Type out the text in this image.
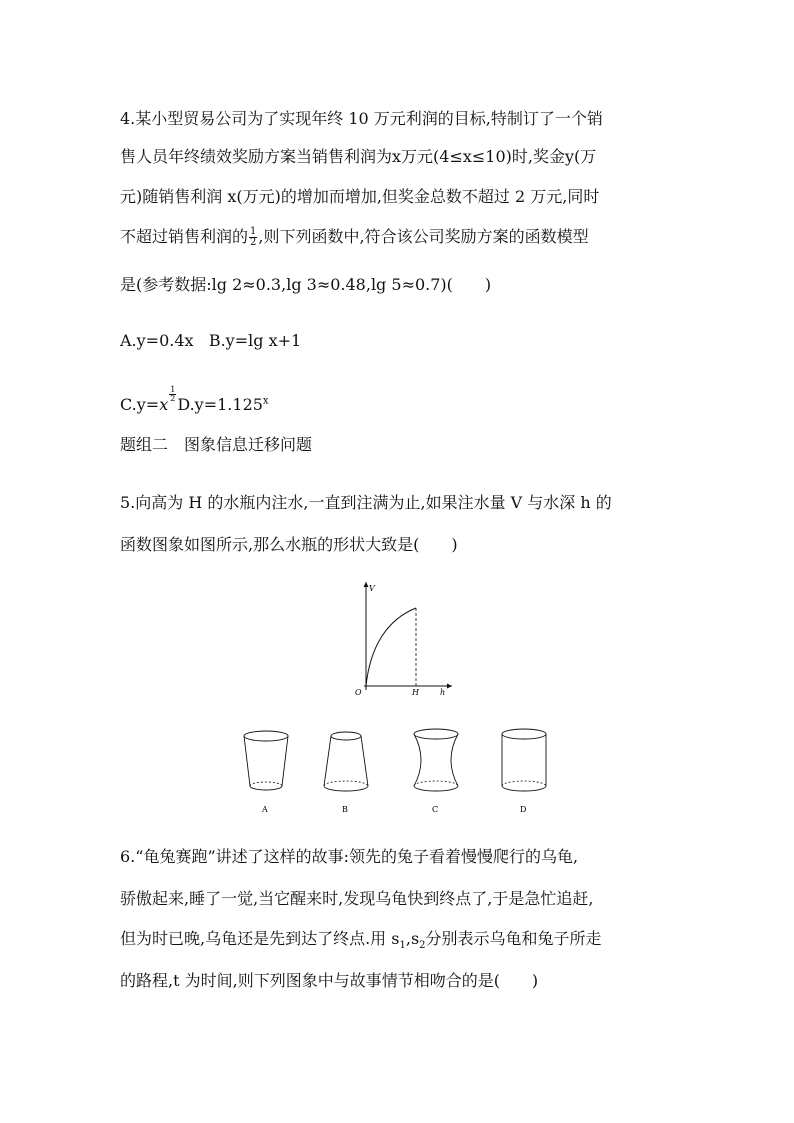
4.某小型贸易公司为了实现年终 10 万元利润的目标,特制订了一个销
售人员年终绩效奖励方案当销售利润为x万元(4≤x≤10)时,奖金y(万
元)随销售利润 x(万元)的增加而增加,但奖金总数不超过 2 万元,同时
不超过销售利润的 $\frac{1}{2}$ ,则下列函数中,符合该公司奖励方案的函数模型
是(参考数据:lg 2≈0.3,lg 3≈0.48,lg 5≈0.7)(　　)
A.y=0.4x B.y=lg x+1
C.y=x
$\frac{1}{2}$
$D.y=1.125^x$
题组二　图象信息迁移问题
5.向高为 H 的水瓶内注水,一直到注满为止,如果注水量 V 与水深 h 的
函数图象如图所示,那么水瓶的形状大致是(　　)
V
h
O	H
A	B	C	D
6.“龟兔赛跑”讲述了这样的故事:领先的兔子看着慢慢爬行的乌龟,
骄傲起来,睡了一觉,当它醒来时,发现乌龟快到终点了,于是急忙追赶,
但为时已晚,乌龟还是先到达了终点.用 $s_1,s_2$分别表示乌龟和兔子所走
的路程,t 为时间,则下列图象中与故事情节相吻合的是(　　)
